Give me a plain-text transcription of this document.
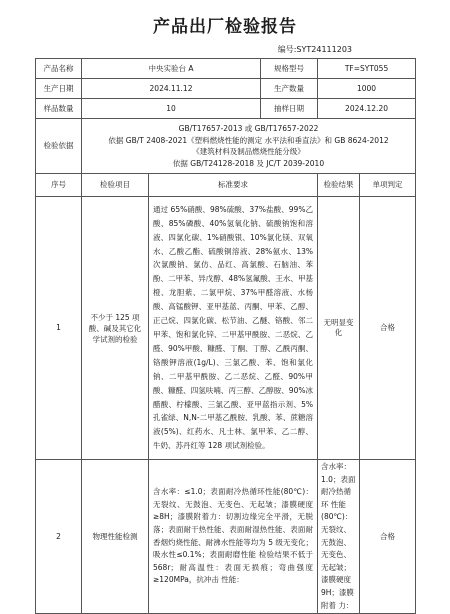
产品出厂检验报告
编号:SYT24111203
产品名称	中央实验台 A		规格型号	TF=SYT055	
生产日期	2024.11.12		生产数量	1000	
样品数量	10		抽样日期	2024.12.20	
检验依据	GB/T17657-2013 或 GB/T17657-2022
依据 GB/T 2408-2021《塑料燃烧性能的测定 水平法和垂直法》和 GB 8624-2012
《建筑材料及制品燃烧性能分级》
依据 GB/T24128-2018 及 JC/T 2039-2010				

序号	检验项目	标准要求		检验结果	单项判定
1	不少于 125 项酸、碱及其它化学试剂的检验	通过 65%硝酸、98%硫酸、37%盐酸、99%乙酸、85%磷酸、40%氢氧化钠、硫酸钠饱和溶液、四氯化碳、1%硝酸银、10%氯化镁、双氧水、乙酸乙酯、硫酸铜溶液、28%氨水、13%次氯酸钠、氯仿、品红、高氯酸、石脑油、苯酚、二甲苯、异戊醇、48%氢氟酸、王水、甲基橙、龙胆紫、二氯甲烷、37%甲醛溶液、水杨酸、高锰酸钾、亚甲基蓝、丙酮、甲苯、乙醇、正己烷、四氯化碳、松节油、乙醚、铬酸、邻二甲苯、饱和氯化锌、二甲基甲酰胺、二恶烷、乙醛、90%甲酸、糠醛、丁酮、丁醇、乙酰丙酮、铬酸钾溶液(1g/L)、三氯乙酸、苯、饱和氯化钠、二甲基甲酰胺、乙二恶烷、乙醛、90%甲酸、糠醛、四氢呋喃、丙三醇、乙醇胺、90%冰醋酸、柠檬酸、三氯乙酸、亚甲蓝指示剂、5%孔雀绿、N,N-二甲基乙酰胺、乳酸、苯、蔗糖溶液(5%)、红药水、凡士林、氯甲苯、乙二醇、牛奶、苏丹红等 128 项试剂检验。		无明显变化	合格
2	物理性能检测	含水率：≤1.0；表面耐冷热循环性能(80℃)：无裂纹、无鼓泡、无变色、无起皱；漆膜硬度≥8H；漆膜附着力：切割边缘完全平滑，无脱落；表面耐干热性能、表面耐湿热性能、表面耐 香烟灼烧性能、耐沸水性能等均为 5 级无变化；吸水性≤0.1%；表面耐磨性能 检验结果不低于 568r；耐高温性：表面无损痕；弯曲强度≥120MPa，抗冲击 性能：		含水率：1.0；表面耐冷热循环 性能(80℃)：无裂纹、无鼓泡、无变色、无起皱；漆膜硬度9H；漆膜附着 力：	合格
